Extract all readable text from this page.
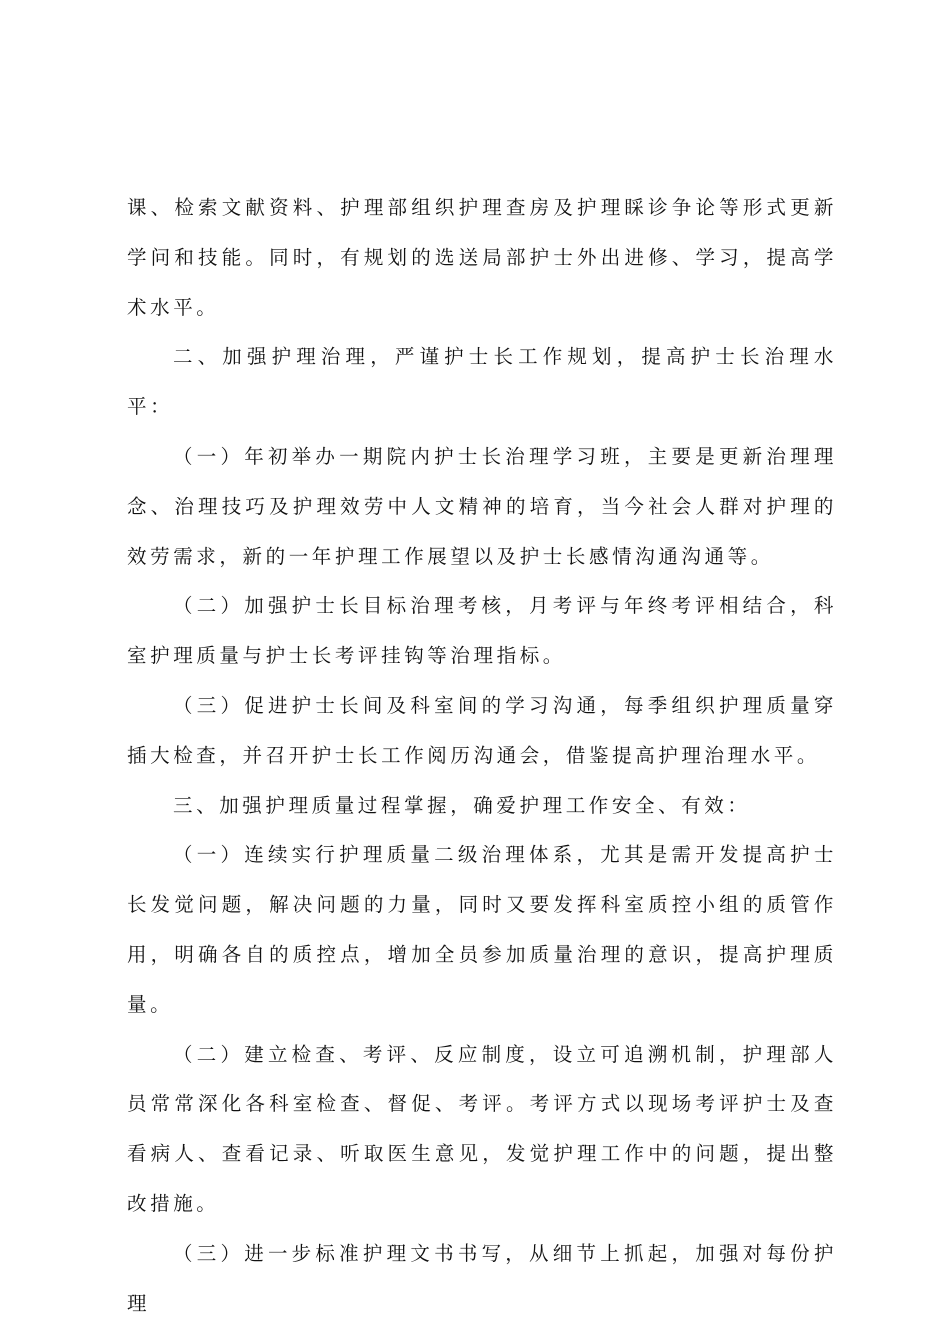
课、检索文献资料、护理部组织护理查房及护理睬诊争论等形式更新学问和技能。同时，有规划的选送局部护士外出进修、学习，提高学术水平。

二、加强护理治理，严谨护士长工作规划，提高护士长治理水平：

（一）年初举办一期院内护士长治理学习班，主要是更新治理理念、治理技巧及护理效劳中人文精神的培育，当今社会人群对护理的效劳需求，新的一年护理工作展望以及护士长感情沟通沟通等。

（二）加强护士长目标治理考核，月考评与年终考评相结合，科室护理质量与护士长考评挂钩等治理指标。

（三）促进护士长间及科室间的学习沟通，每季组织护理质量穿插大检查，并召开护士长工作阅历沟通会，借鉴提高护理治理水平。

三、加强护理质量过程掌握，确爱护理工作安全、有效：

（一）连续实行护理质量二级治理体系，尤其是需开发提高护士长发觉问题，解决问题的力量，同时又要发挥科室质控小组的质管作用，明确各自的质控点，增加全员参加质量治理的意识，提高护理质量。

（二）建立检查、考评、反应制度，设立可追溯机制，护理部人员常常深化各科室检查、督促、考评。考评方式以现场考评护士及查看病人、查看记录、听取医生意见，发觉护理工作中的问题，提出整改措施。

（三）进一步标准护理文书书写，从细节上抓起，加强对每份护理
